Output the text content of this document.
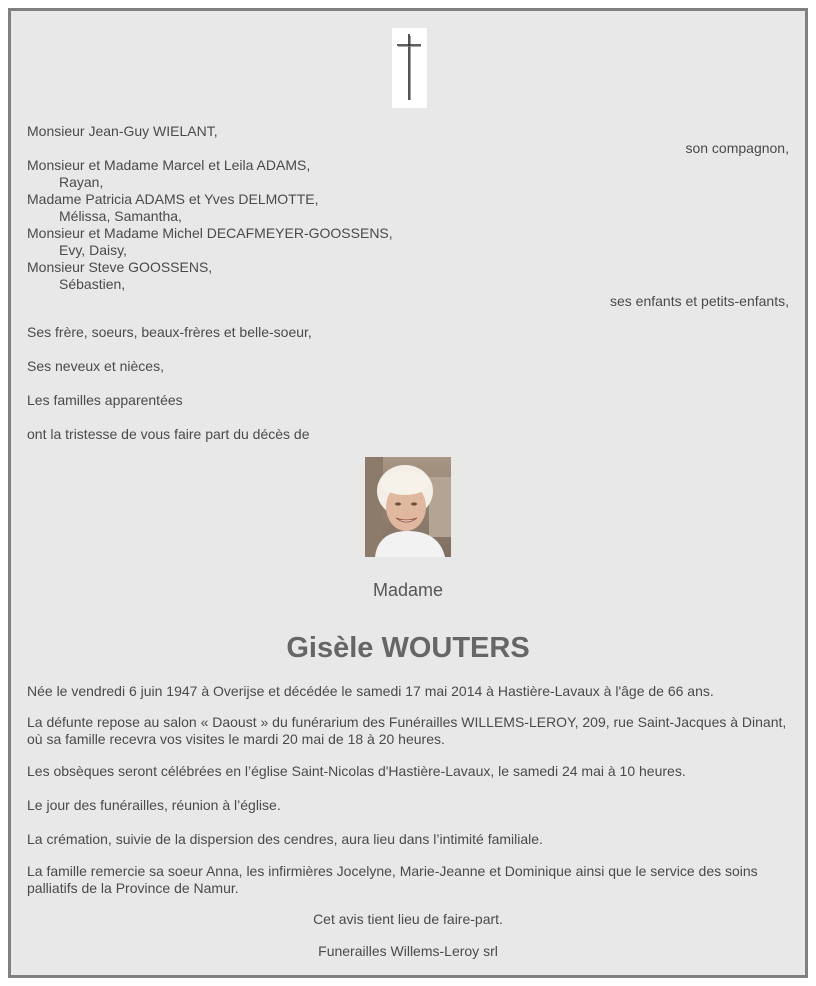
Monsieur Jean-Guy WIELANT,
son compagnon,
Monsieur et Madame Marcel et Leila ADAMS,
Rayan,
Madame Patricia ADAMS et Yves DELMOTTE,
Mélissa, Samantha,
Monsieur et Madame Michel DECAFMEYER-GOOSSENS,
Evy, Daisy,
Monsieur Steve GOOSSENS,
Sébastien,
ses enfants et petits-enfants,
Ses frère, soeurs, beaux-frères et belle-soeur,
Ses neveux et nièces,
Les familles apparentées
ont la tristesse de vous faire part du décès de
Madame
Gisèle WOUTERS
Née le vendredi 6 juin 1947 à Overijse et décédée le samedi 17 mai 2014 à Hastière-Lavaux à l'âge de 66 ans.
La défunte repose au salon « Daoust » du funérarium des Funérailles WILLEMS-LEROY, 209, rue Saint-Jacques à Dinant, où sa famille recevra vos visites le mardi 20 mai de 18 à 20 heures.
Les obsèques seront célébrées en l’église Saint-Nicolas d'Hastière-Lavaux, le samedi 24 mai à 10 heures.
Le jour des funérailles, réunion à l’église.
La crémation, suivie de la dispersion des cendres, aura lieu dans l’intimité familiale.
La famille remercie sa soeur Anna, les infirmières Jocelyne, Marie-Jeanne et Dominique ainsi que le service des soins palliatifs de la Province de Namur.
Cet avis tient lieu de faire-part.
Funerailles Willems-Leroy srl
